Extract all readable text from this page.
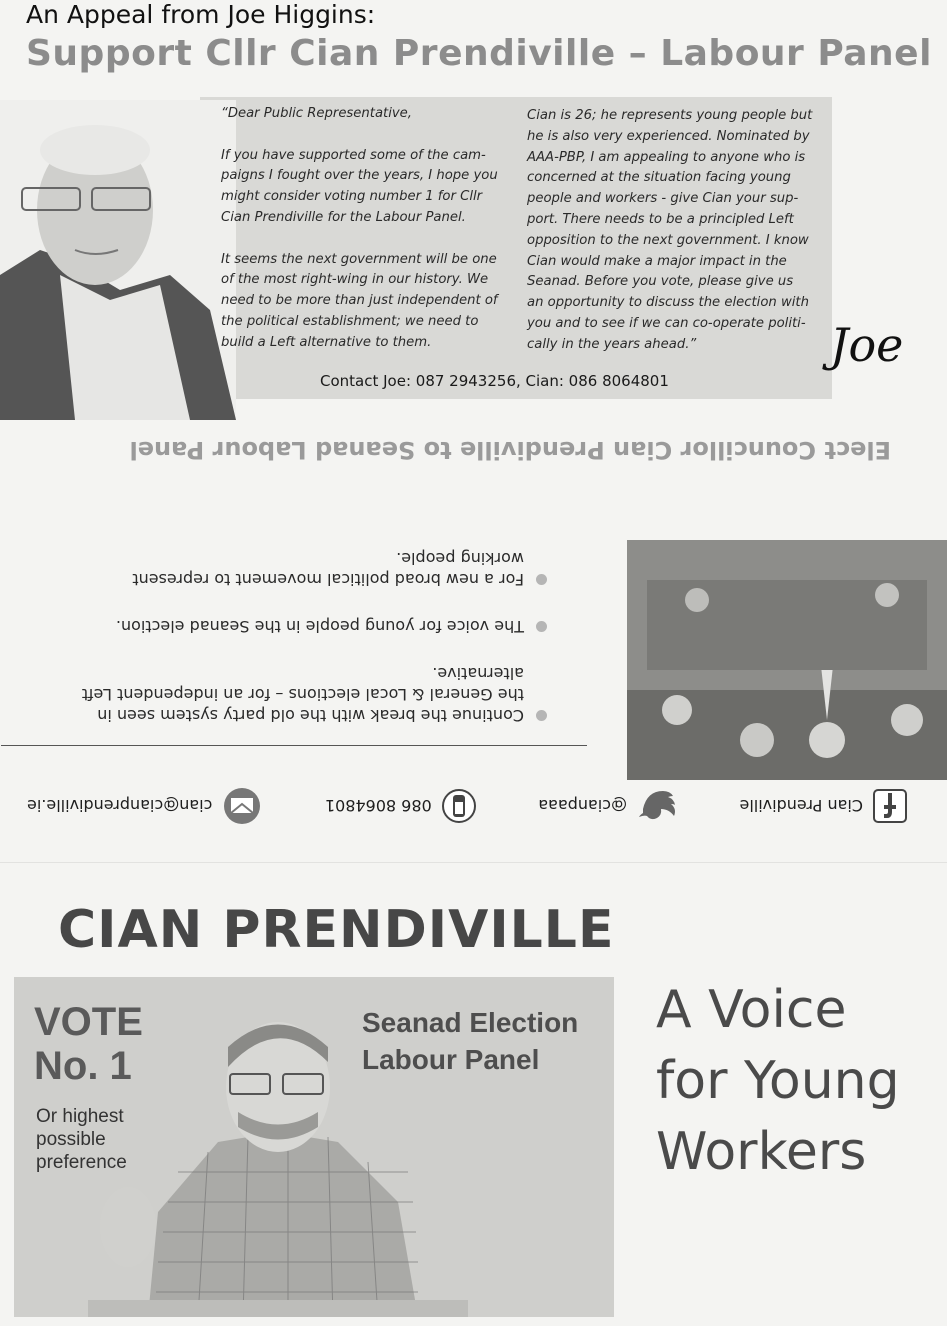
An Appeal from Joe Higgins:
Support Cllr Cian Prendiville – Labour Panel
“Dear Public Representative,

If you have supported some of the cam-
paigns I fought over the years, I hope you
might consider voting number 1 for Cllr
Cian Prendiville for the Labour Panel.

It seems the next government will be one
of the most right-wing in our history. We
need to be more than just independent of
the political establishment; we need to
build a Left alternative to them.
Cian is 26; he represents young people but
he is also very experienced. Nominated by
AAA-PBP, I am appealing to anyone who is
concerned at the situation facing young
people and workers - give Cian your sup-
port. There needs to be a principled Left
opposition to the next government. I know
Cian would make a major impact in the
Seanad. Before you vote, please give us
an opportunity to discuss the election with
you and to see if we can co-operate politi-
cally in the years ahead.”
Contact Joe: 087 2943256, Cian: 086 8064801
Joe
Elect Councillor Cian Prendiville to Seanad Labour Panel
Continue the break with the old party system seen in the General & Local elections – for an independent Left alternative.
The voice for young people in the Seanad election.
For a new broad political movement to represent working people.
Cian Prendiville
@cianpaaa
086 8064801
cian@cianprendiville.ie
CIAN PRENDIVILLE
VOTE
No. 1
Or highest
possible
preference
Seanad Election
Labour Panel
A Voice
for Young
Workers
